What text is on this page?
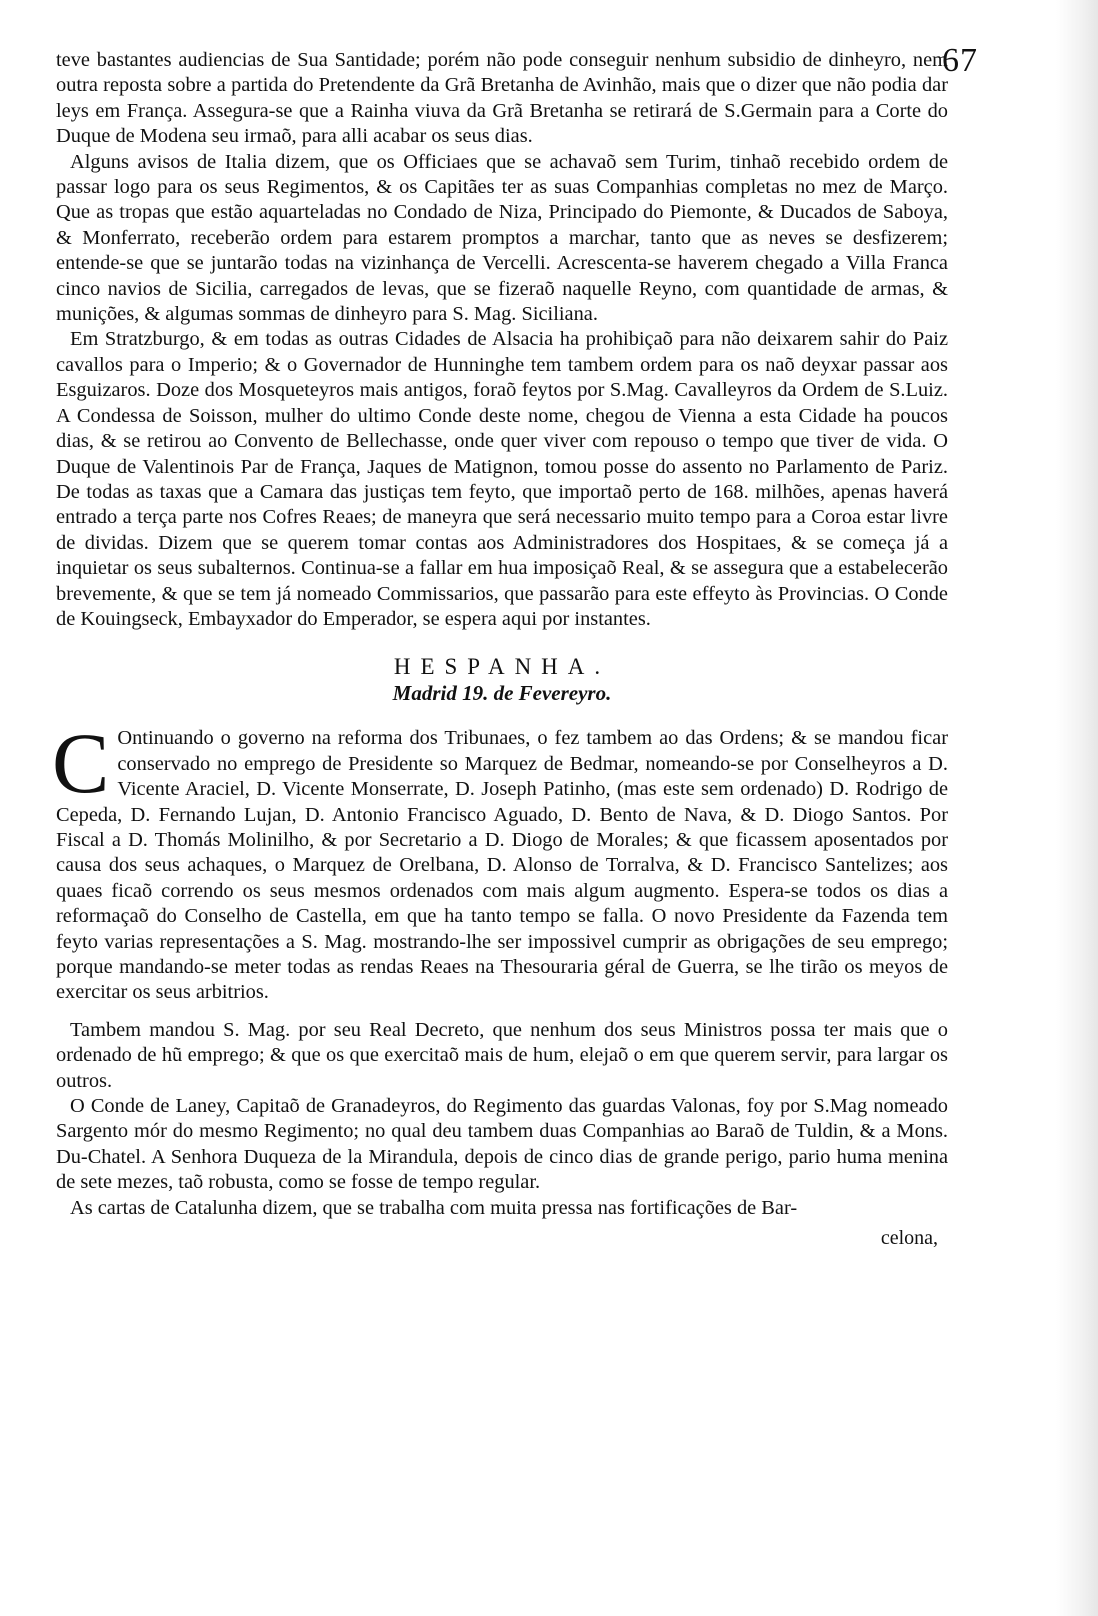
67

teve bastantes audiencias de Sua Santidade; porém não pode conseguir nenhum subsidio de dinheyro, nem outra reposta sobre a partida do Pretendente da Grã Bretanha de Avinhão, mais que o dizer que não podia dar leys em França. Assegura-se que a Rainha viuva da Grã Bretanha se retirará de S.Germain para a Corte do Duque de Modena seu irmaõ, para alli acabar os seus dias.

Alguns avisos de Italia dizem, que os Officiaes que se achavaõ sem Turim, tinhaõ recebido ordem de passar logo para os seus Regimentos, & os Capitães ter as suas Companhias completas no mez de Março. Que as tropas que estão aquarteladas no Condado de Niza, Principado do Piemonte, & Ducados de Saboya, & Monferrato, receberão ordem para estarem promptos a marchar, tanto que as neves se desfizerem; entende-se que se juntarão todas na vizinhança de Vercelli. Acrescenta-se haverem chegado a Villa Franca cinco navios de Sicilia, carregados de levas, que se fizeraõ naquelle Reyno, com quantidade de armas, & munições, & algumas sommas de dinheyro para S. Mag. Siciliana.

Em Stratzburgo, & em todas as outras Cidades de Alsacia ha prohibiçaõ para não deixarem sahir do Paiz cavallos para o Imperio; & o Governador de Hunninghe tem tambem ordem para os naõ deyxar passar aos Esguizaros. Doze dos Mosqueteyros mais antigos, foraõ feytos por S.Mag. Cavalleyros da Ordem de S.Luiz. A Condessa de Soisson, mulher do ultimo Conde deste nome, chegou de Vienna a esta Cidade ha poucos dias, & se retirou ao Convento de Bellechasse, onde quer viver com repouso o tempo que tiver de vida. O Duque de Valentinois Par de França, Jaques de Matignon, tomou posse do assento no Parlamento de Pariz. De todas as taxas que a Camara das justiças tem feyto, que importaõ perto de 168. milhões, apenas haverá entrado a terça parte nos Cofres Reaes; de maneyra que será necessario muito tempo para a Coroa estar livre de dividas. Dizem que se querem tomar contas aos Administradores dos Hospitaes, & se começa já a inquietar os seus subalternos. Continua-se a fallar em hua imposiçaõ Real, & se assegura que a estabelecerão brevemente, & que se tem já nomeado Commissarios, que passarão para este effeyto às Provincias. O Conde de Kouingseck, Embayxador do Emperador, se espera aqui por instantes.

HESPANHA.
Madrid 19. de Fevereyro.

C Ontinuando o governo na reforma dos Tribunaes, o fez tambem ao das Ordens; & se mandou ficar conservado no emprego de Presidente so Marquez de Bedmar, nomeando-se por Conselheyros a D. Vicente Araciel, D. Vicente Monserrate, D. Joseph Patinho, (mas este sem ordenado) D. Rodrigo de Cepeda, D. Fernando Lujan, D. Antonio Francisco Aguado, D. Bento de Nava, & D. Diogo Santos. Por Fiscal a D. Thomás Molinilho, & por Secretario a D. Diogo de Morales; & que ficassem aposentados por causa dos seus achaques, o Marquez de Orelbana, D. Alonso de Torralva, & D. Francisco Santelizes; aos quaes ficaõ correndo os seus mesmos ordenados com mais algum augmento. Espera-se todos os dias a reformaçaõ do Conselho de Castella, em que ha tanto tempo se falla. O novo Presidente da Fazenda tem feyto varias representações a S. Mag. mostrando-lhe ser impossivel cumprir as obrigações de seu emprego; porque mandando-se meter todas as rendas Reaes na Thesouraria géral de Guerra, se lhe tirão os meyos de exercitar os seus arbitrios.

Tambem mandou S. Mag. por seu Real Decreto, que nenhum dos seus Ministros possa ter mais que o ordenado de hũ emprego; & que os que exercitaõ mais de hum, elejaõ o em que querem servir, para largar os outros.

O Conde de Laney, Capitaõ de Granadeyros, do Regimento das guardas Valonas, foy por S.Mag nomeado Sargento mór do mesmo Regimento; no qual deu tambem duas Companhias ao Baraõ de Tuldin, & a Mons. Du-Chatel. A Senhora Duqueza de la Mirandula, depois de cinco dias de grande perigo, pario huma menina de sete mezes, taõ robusta, como se fosse de tempo regular.

As cartas de Catalunha dizem, que se trabalha com muita pressa nas fortificações de Bar-

celona,
